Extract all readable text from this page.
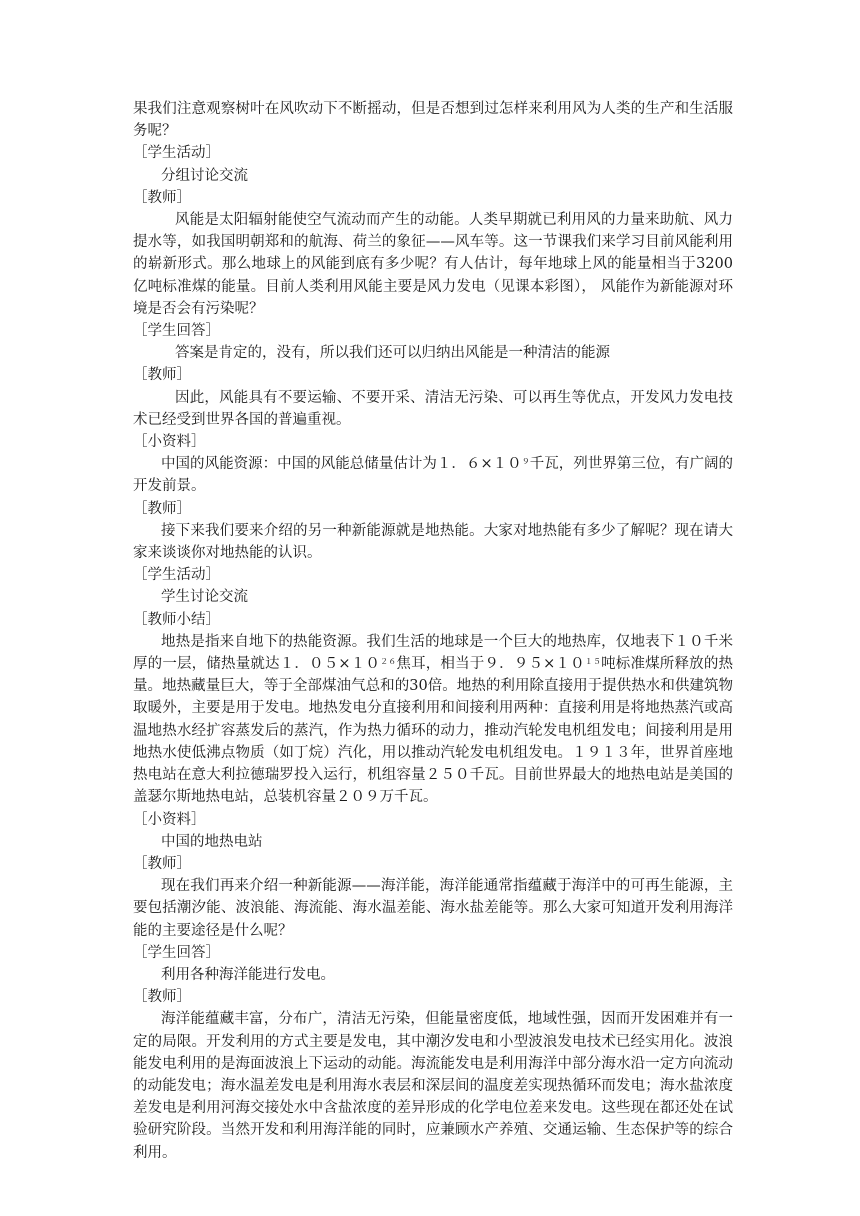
果我们注意观察树叶在风吹动下不断摇动，但是否想到过怎样来利用风为人类的生产和生活服务呢？

［学生活动］

分组讨论交流

［教师］

风能是太阳辐射能使空气流动而产生的动能。人类早期就已利用风的力量来助航、风力提水等，如我国明朝郑和的航海、荷兰的象征——风车等。这一节课我们来学习目前风能利用的崭新形式。那么地球上的风能到底有多少呢？有人估计，每年地球上风的能量相当于3200亿吨标准煤的能量。目前人类利用风能主要是风力发电（见课本彩图）， 风能作为新能源对环境是否会有污染呢？

［学生回答］

答案是肯定的，没有，所以我们还可以归纳出风能是一种清洁的能源

［教师］

因此，风能具有不要运输、不要开采、清洁无污染、可以再生等优点，开发风力发电技术已经受到世界各国的普遍重视。

［小资料］

中国的风能资源：中国的风能总储量估计为１．$6\times 10^9$千瓦，列世界第三位，有广阔的开发前景。

［教师］

接下来我们要来介绍的另一种新能源就是地热能。大家对地热能有多少了解呢？现在请大家来谈谈你对地热能的认识。

［学生活动］

学生讨论交流

［教师小结］

地热是指来自地下的热能资源。我们生活的地球是一个巨大的地热库，仅地表下１０千米厚的一层，储热量就达１．$05\times 10^{26}$焦耳，相当于９．$95\times 10^{15}$吨标准煤所释放的热量。地热藏量巨大，等于全部煤油气总和的30倍。地热的利用除直接用于提供热水和供建筑物取暖外，主要是用于发电。地热发电分直接利用和间接利用两种：直接利用是将地热蒸汽或高温地热水经扩容蒸发后的蒸汽，作为热力循环的动力，推动汽轮发电机组发电；间接利用是用地热水使低沸点物质（如丁烷）汽化，用以推动汽轮发电机组发电。１９１３年，世界首座地热电站在意大利拉德瑞罗投入运行，机组容量２５０千瓦。目前世界最大的地热电站是美国的盖瑟尔斯地热电站，总装机容量２０９万千瓦。

［小资料］

中国的地热电站

［教师］

现在我们再来介绍一种新能源——海洋能，海洋能通常指蕴藏于海洋中的可再生能源，主要包括潮汐能、波浪能、海流能、海水温差能、海水盐差能等。那么大家可知道开发利用海洋能的主要途径是什么呢？

［学生回答］

利用各种海洋能进行发电。

［教师］

海洋能蕴藏丰富，分布广，清洁无污染，但能量密度低，地域性强，因而开发困难并有一定的局限。开发利用的方式主要是发电，其中潮汐发电和小型波浪发电技术已经实用化。波浪能发电利用的是海面波浪上下运动的动能。海流能发电是利用海洋中部分海水沿一定方向流动的动能发电；海水温差发电是利用海水表层和深层间的温度差实现热循环而发电；海水盐浓度差发电是利用河海交接处水中含盐浓度的差异形成的化学电位差来发电。这些现在都还处在试验研究阶段。当然开发和利用海洋能的同时，应兼顾水产养殖、交通运输、生态保护等的综合利用。
